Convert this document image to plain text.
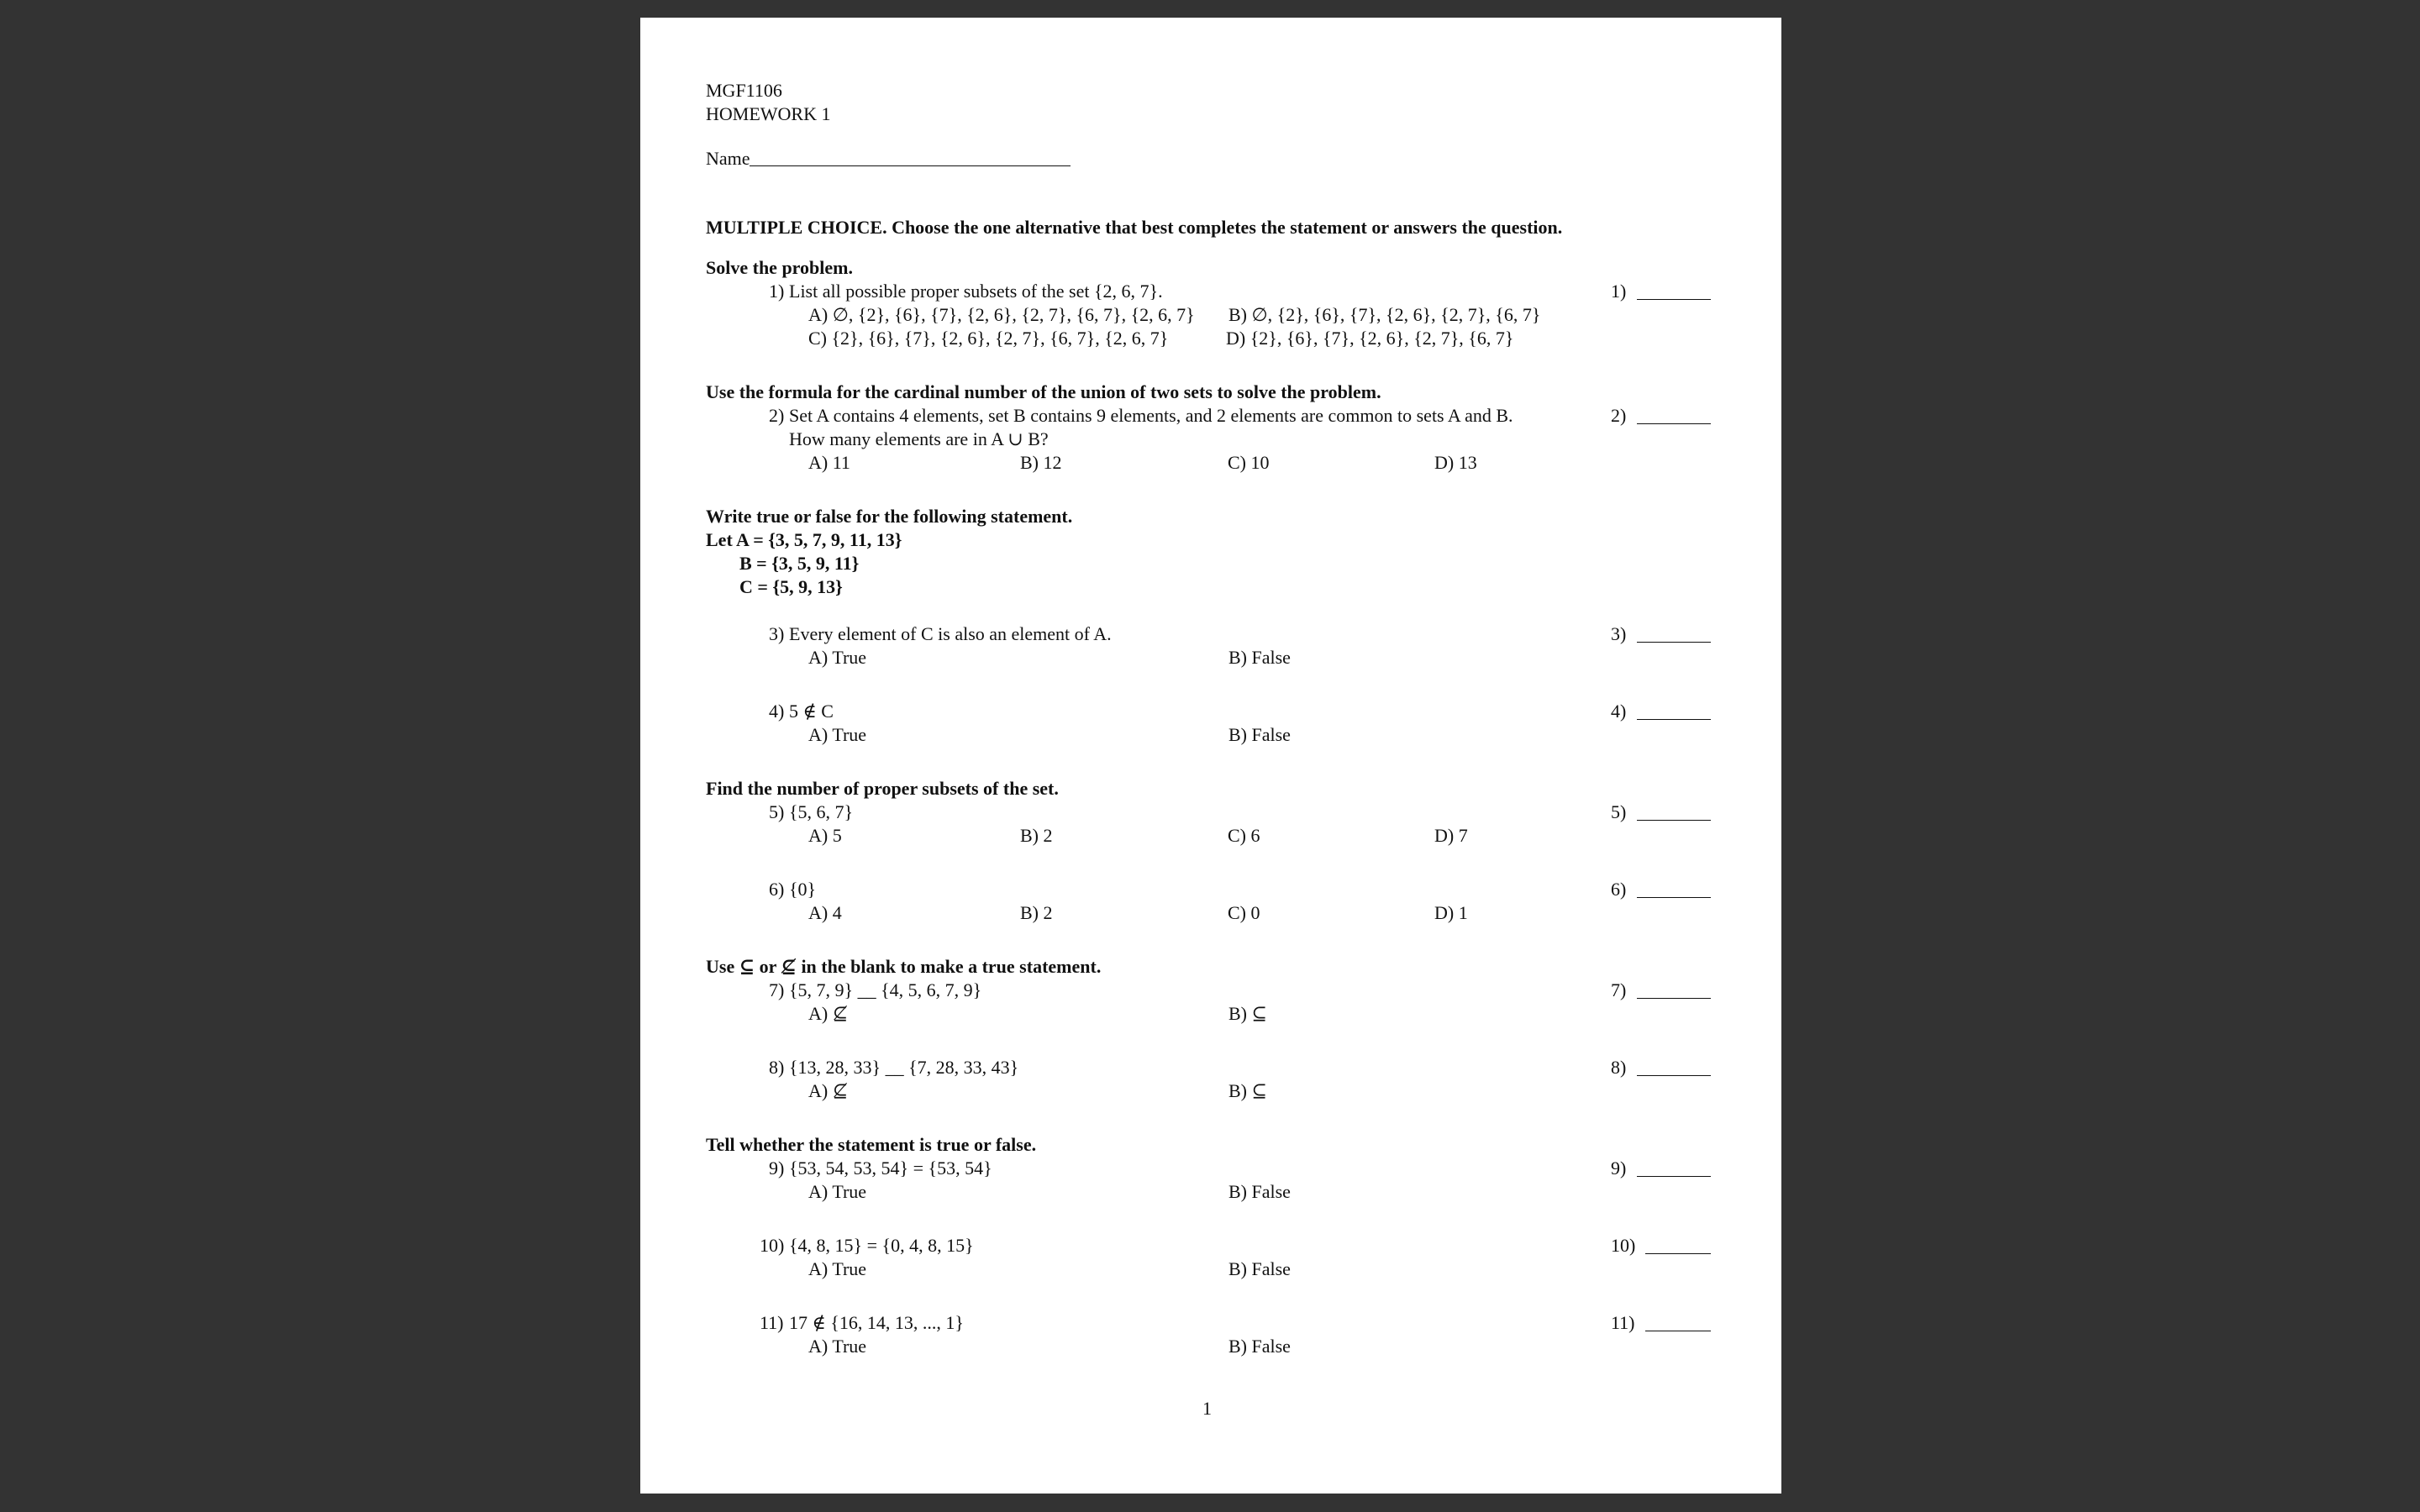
MGF1106
HOMEWORK 1
Name
MULTIPLE CHOICE. Choose the one alternative that best completes the statement or answers the question.
Solve the problem.
1) List all possible proper subsets of the set {2, 6, 7}.
A) ∅, {2}, {6}, {7}, {2, 6}, {2, 7}, {6, 7}, {2, 6, 7} B) ∅, {2}, {6}, {7}, {2, 6}, {2, 7}, {6, 7}
C) {2}, {6}, {7}, {2, 6}, {2, 7}, {6, 7}, {2, 6, 7}	D) {2}, {6}, {7}, {2, 6}, {2, 7}, {6, 7}
1)
Use the formula for the cardinal number of the union of two sets to solve the problem.
2) Set A contains 4 elements, set B contains 9 elements, and 2 elements are common to sets A and B.
How many elements are in A ∪ B?
A) 11	B) 12	C) 10	D) 13
2)
Write true or false for the following statement.
Let A = {3, 5, 7, 9, 11, 13}
B = {3, 5, 9, 11}
C = {5, 9, 13}
3) Every element of C is also an element of A.
A) True	B) False
3)
4) 5 ∉ C
A) True	B) False
4)
Find the number of proper subsets of the set.
5) {5, 6, 7}
A) 5	B) 2	C) 6	D) 7
5)
6) {0}
A) 4	B) 2	C) 0	D) 1
6)
Use ⊆ or ⊈ in the blank to make a true statement.
7) {5, 7, 9} __ {4, 5, 6, 7, 9}
A) ⊈	B) ⊆
7)
8) {13, 28, 33} __ {7, 28, 33, 43}
A) ⊈	B) ⊆
8)
Tell whether the statement is true or false.
9) {53, 54, 53, 54} = {53, 54}
A) True	B) False
9)
10) {4, 8, 15} = {0, 4, 8, 15}
A) True	B) False
10)
11) 17 ∉ {16, 14, 13, ..., 1}
A) True	B) False
11)
1
